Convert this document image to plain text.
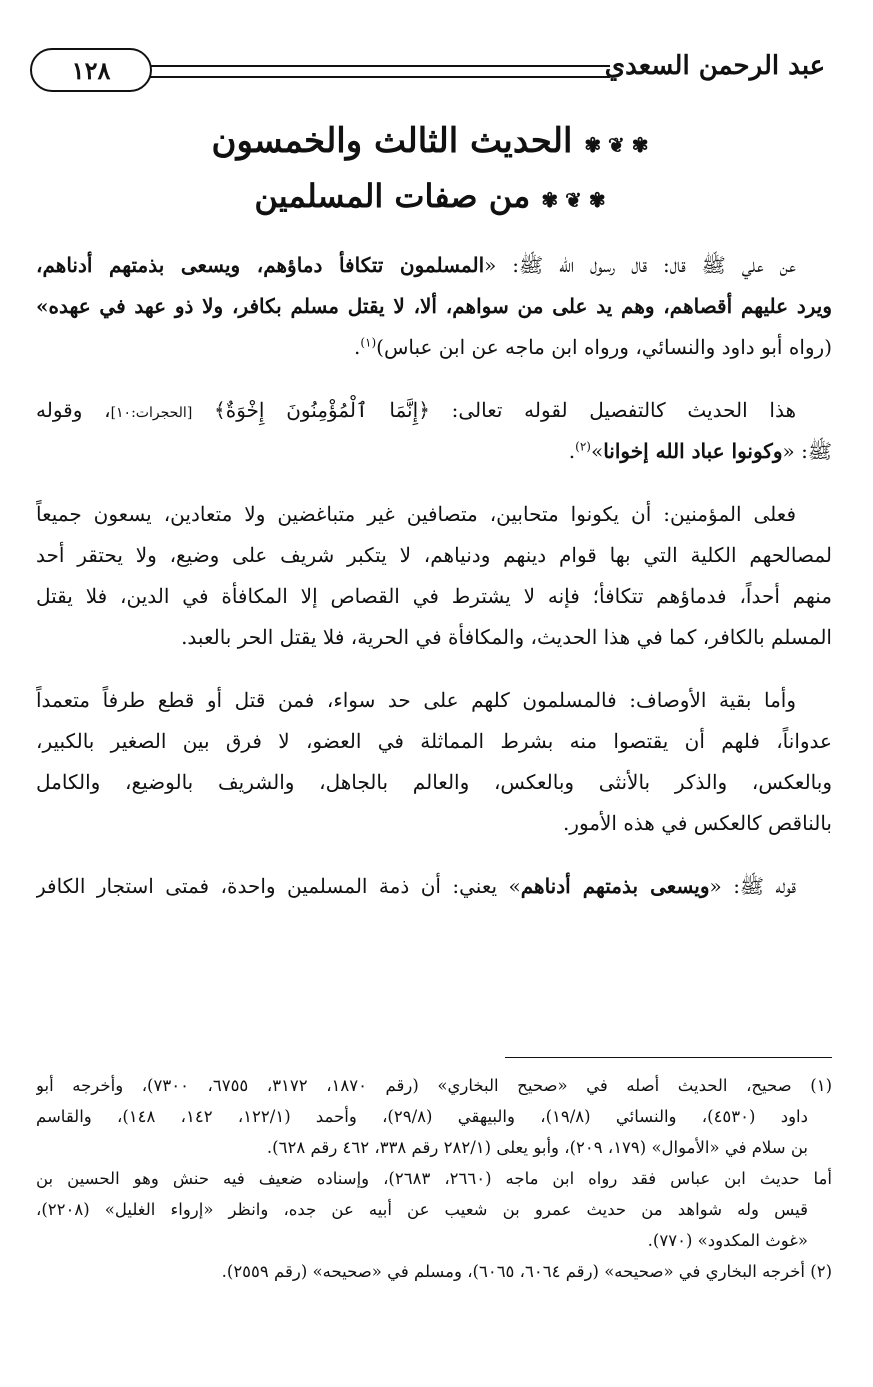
١٢٨	عبد الرحمن السعدي
✾ ❦ ✾ الحديث الثالث والخمسون
✾ ❦ ✾ من صفات المسلمين
عن علي ﷺ قال: قال رسول الله ﷺ: «المسلمون تتكافأ دماؤهم، ويسعى بذمتهم أدناهم،
ويرد عليهم أقصاهم، وهم يد على من سواهم، ألا، لا يقتل مسلم بكافر، ولا ذو عهد في عهده»
(رواه أبو داود والنسائي، ورواه ابن ماجه عن ابن عباس)$^{(١)}$.
هذا الحديث كالتفصيل لقوله تعالى: ﴿إِنَّمَا ٱلْمُؤْمِنُونَ إِخْوَةٌ﴾ [الحجرات:١٠]، وقوله
ﷺ: «وكونوا عباد الله إخوانا»$^{(٢)}$.
فعلى المؤمنين: أن يكونوا متحابين، متصافين غير متباغضين ولا متعادين، يسعون جميعاً
لمصالحهم الكلية التي بها قوام دينهم ودنياهم، لا يتكبر شريف على وضيع، ولا يحتقر أحد
منهم أحداً، فدماؤهم تتكافأ؛ فإنه لا يشترط في القصاص إلا المكافأة في الدين، فلا يقتل
المسلم بالكافر، كما في هذا الحديث، والمكافأة في الحرية، فلا يقتل الحر بالعبد.
وأما بقية الأوصاف: فالمسلمون كلهم على حد سواء، فمن قتل أو قطع طرفاً متعمداً
عدواناً، فلهم أن يقتصوا منه بشرط المماثلة في العضو، لا فرق بين الصغير بالكبير،
وبالعكس، والذكر بالأنثى وبالعكس، والعالم بالجاهل، والشريف بالوضيع، والكامل
بالناقص كالعكس في هذه الأمور.
قوله ﷺ: «ويسعى بذمتهم أدناهم» يعني: أن ذمة المسلمين واحدة، فمتى استجار الكافر
(١) صحيح، الحديث أصله في «صحيح البخاري» (رقم ١٨٧٠، ٣١٧٢، ٦٧٥٥، ٧٣٠٠)، وأخرجه أبو
داود (٤٥٣٠)، والنسائي (١٩/٨)، والبيهقي (٢٩/٨)، وأحمد (١٢٢/١، ١٤٢، ١٤٨)، والقاسم
بن سلام في «الأموال» (١٧٩، ٢٠٩)، وأبو يعلى (٢٨٢/١ رقم ٣٣٨، ٤٦٢ رقم ٦٢٨).
أما حديث ابن عباس فقد رواه ابن ماجه (٢٦٦٠، ٢٦٨٣)، وإسناده ضعيف فيه حنش وهو الحسين بن
قيس وله شواهد من حديث عمرو بن شعيب عن أبيه عن جده، وانظر «إرواء الغليل» (٢٢٠٨)،
«غوث المكدود» (٧٧٠).
(٢) أخرجه البخاري في «صحيحه» (رقم ٦٠٦٤، ٦٠٦٥)، ومسلم في «صحيحه» (رقم ٢٥٥٩).
